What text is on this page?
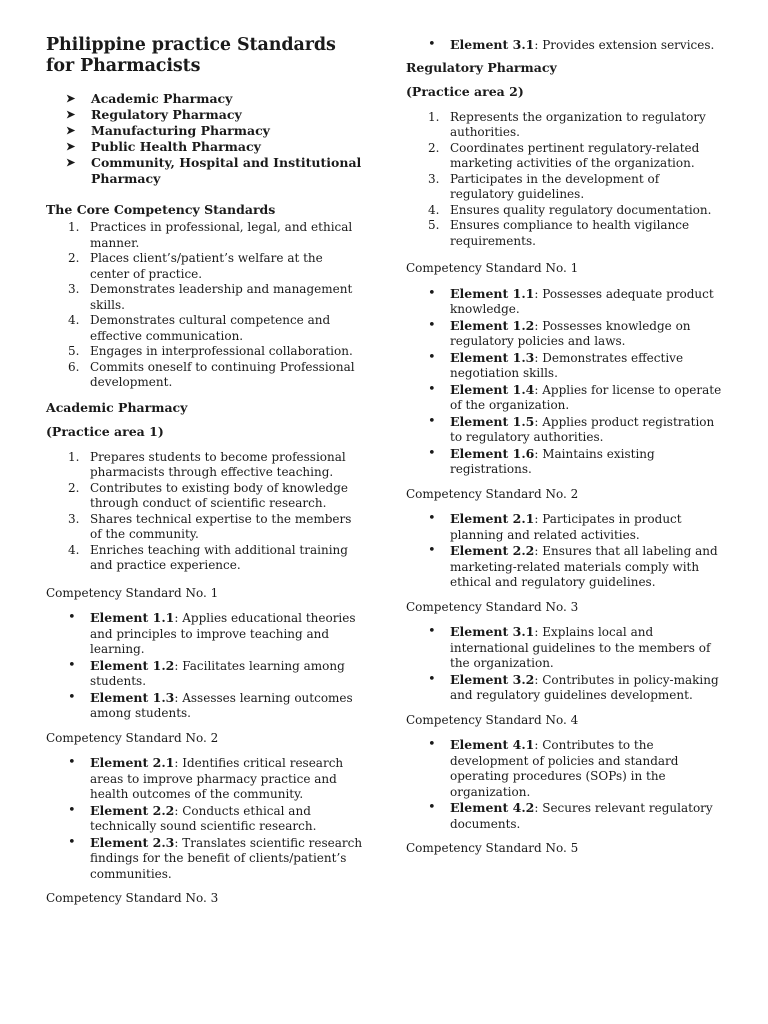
Philippine practice Standards for Pharmacists
➤ Academic Pharmacy
➤ Regulatory Pharmacy
➤ Manufacturing Pharmacy
➤ Public Health Pharmacy
➤ Community, Hospital and Institutional Pharmacy
The Core Competency Standards
1. Practices in professional, legal, and ethical manner.
2. Places client’s/patient’s welfare at the center of practice.
3. Demonstrates leadership and management skills.
4. Demonstrates cultural competence and effective communication.
5. Engages in interprofessional collaboration.
6. Commits oneself to continuing Professional development.
Academic Pharmacy
(Practice area 1)
1. Prepares students to become professional pharmacists through effective teaching.
2. Contributes to existing body of knowledge through conduct of scientific research.
3. Shares technical expertise to the members of the community.
4. Enriches teaching with additional training and practice experience.
Competency Standard No. 1
• Element 1.1: Applies educational theories and principles to improve teaching and learning.
• Element 1.2: Facilitates learning among students.
• Element 1.3: Assesses learning outcomes among students.
Competency Standard No. 2
• Element 2.1: Identifies critical research areas to improve pharmacy practice and health outcomes of the community.
• Element 2.2: Conducts ethical and technically sound scientific research.
• Element 2.3: Translates scientific research findings for the benefit of clients/patient’s communities.
Competency Standard No. 3
• Element 3.1: Provides extension services.
Regulatory Pharmacy
(Practice area 2)
1. Represents the organization to regulatory authorities.
2. Coordinates pertinent regulatory-related marketing activities of the organization.
3. Participates in the development of regulatory guidelines.
4. Ensures quality regulatory documentation.
5. Ensures compliance to health vigilance requirements.
Competency Standard No. 1
• Element 1.1: Possesses adequate product knowledge.
• Element 1.2: Possesses knowledge on regulatory policies and laws.
• Element 1.3: Demonstrates effective negotiation skills.
• Element 1.4: Applies for license to operate of the organization.
• Element 1.5: Applies product registration to regulatory authorities.
• Element 1.6: Maintains existing registrations.
Competency Standard No. 2
• Element 2.1: Participates in product planning and related activities.
• Element 2.2: Ensures that all labeling and marketing-related materials comply with ethical and regulatory guidelines.
Competency Standard No. 3
• Element 3.1: Explains local and international guidelines to the members of the organization.
• Element 3.2: Contributes in policy-making and regulatory guidelines development.
Competency Standard No. 4
• Element 4.1: Contributes to the development of policies and standard operating procedures (SOPs) in the organization.
• Element 4.2: Secures relevant regulatory documents.
Competency Standard No. 5
